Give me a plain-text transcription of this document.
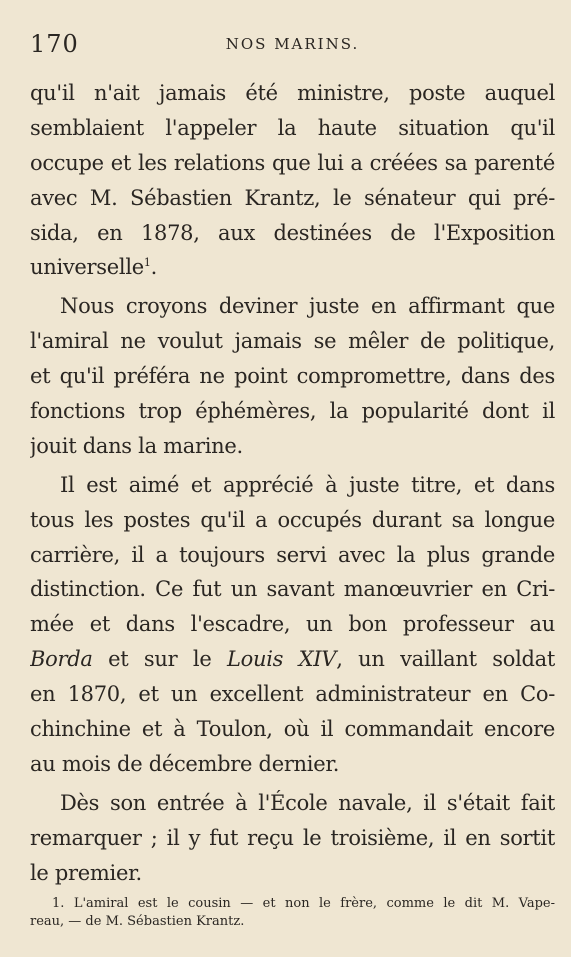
170	NOS MARINS.
qu'il n'ait jamais été ministre, poste auquel
semblaient l'appeler la haute situation qu'il
occupe et les relations que lui a créées sa parenté
avec M. Sébastien Krantz, le sénateur qui pré-
sida, en 1878, aux destinées de l'Exposition
universelle$^1$.
Nous croyons deviner juste en affirmant que
l'amiral ne voulut jamais se mêler de politique,
et qu'il préféra ne point compromettre, dans des
fonctions trop éphémères, la popularité dont il
jouit dans la marine.
Il est aimé et apprécié à juste titre, et dans
tous les postes qu'il a occupés durant sa longue
carrière, il a toujours servi avec la plus grande
distinction. Ce fut un savant manœuvrier en Cri-
mée et dans l'escadre, un bon professeur au
Borda et sur le Louis XIV, un vaillant soldat
en 1870, et un excellent administrateur en Co-
chinchine et à Toulon, où il commandait encore
au mois de décembre dernier.
Dès son entrée à l'École navale, il s'était fait
remarquer ; il y fut reçu le troisième, il en sortit
le premier.
1. L'amiral est le cousin — et non le frère, comme le dit M. Vape-
reau, — de M. Sébastien Krantz.
